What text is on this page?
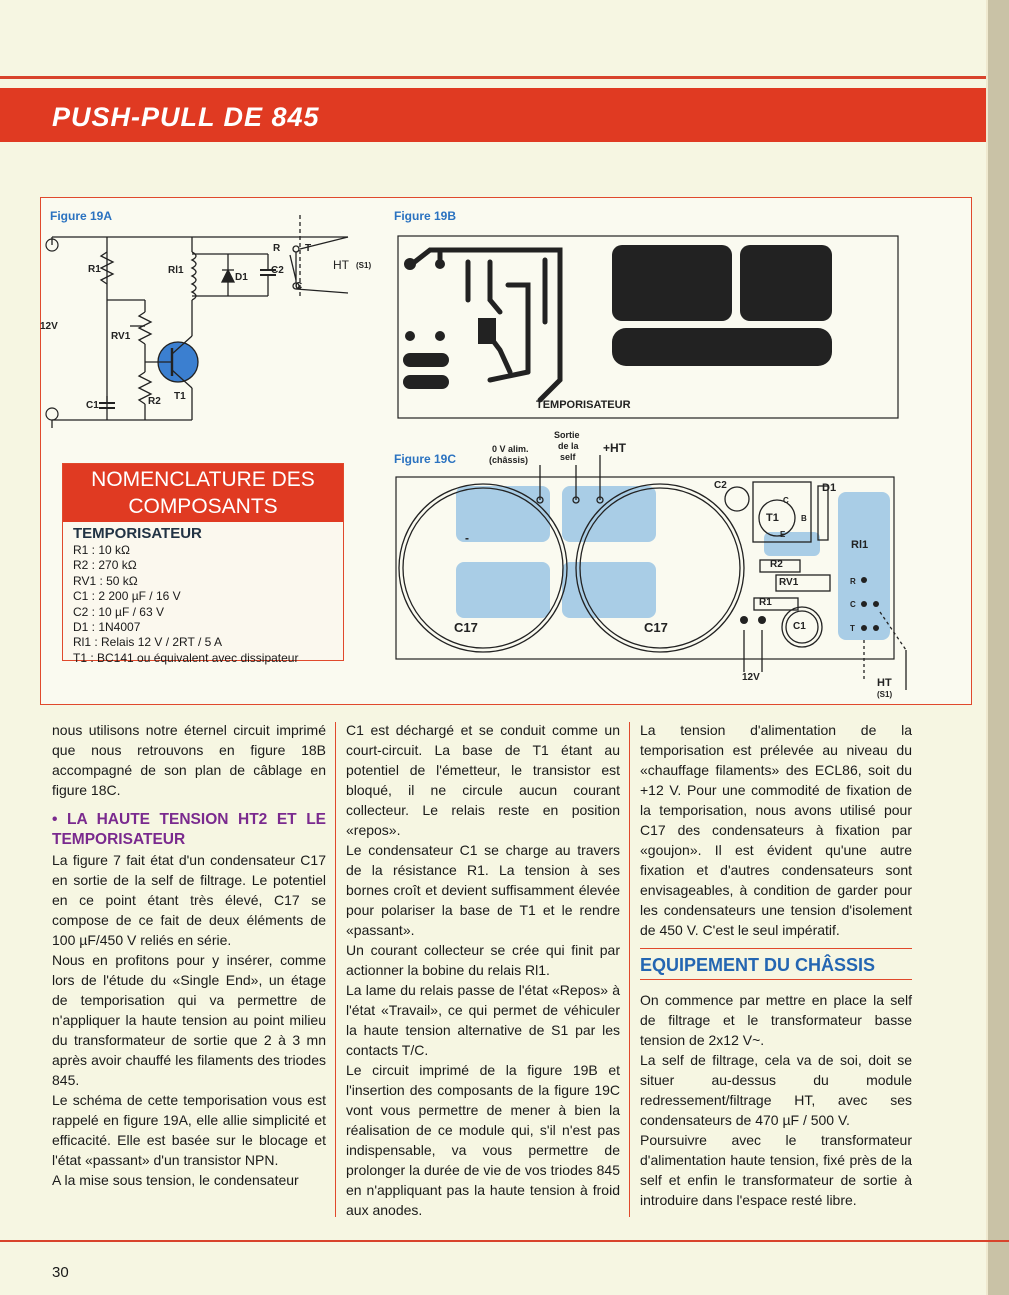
PUSH-PULL DE 845
Figure 19A
R1	Rl1
D1
C2
R T
C
HT (S1)
12V
RV1
C1	R2 T1
Figure 19B
TEMPORISATEUR
Figure 19C
0 V alim.
(châssis)
Sortie
de la
self
+HT
-
C17	C17
C2	D1
T1
C
B
E
Rl1
R2
RV1
R1
C1
R
C
T
12V	HT
(S1)
NOMENCLATURE DES COMPOSANTS
TEMPORISATEUR
R1 : 10 kΩ
R2 : 270 kΩ
RV1 : 50 kΩ
C1 : 2 200 µF / 16 V
C2 : 10 µF / 63 V
D1 : 1N4007
Rl1 : Relais 12 V / 2RT / 5 A
T1 : BC141 ou équivalent avec dissipateur

nous utilisons notre éternel circuit imprimé que nous retrouvons en figure 18B accompagné de son plan de câblage en figure 18C.

• LA HAUTE TENSION HT2 ET LE TEMPORISATEUR

La figure 7 fait état d'un condensateur C17 en sortie de la self de filtrage. Le potentiel en ce point étant très élevé, C17 se compose de ce fait de deux éléments de 100 µF/450 V reliés en série.

Nous en profitons pour y insérer, comme lors de l'étude du «Single End», un étage de temporisation qui va permettre de n'appliquer la haute tension au point milieu du transformateur de sortie que 2 à 3 mn après avoir chauffé les filaments des triodes 845.

Le schéma de cette temporisation vous est rappelé en figure 19A, elle allie simplicité et efficacité. Elle est basée sur le blocage et l'état «passant» d'un transistor NPN.

A la mise sous tension, le condensateur

C1 est déchargé et se conduit comme un court-circuit. La base de T1 étant au potentiel de l'émetteur, le transistor est bloqué, il ne circule aucun courant collecteur. Le relais reste en position «repos».

Le condensateur C1 se charge au travers de la résistance R1. La tension à ses bornes croît et devient suffisamment élevée pour polariser la base de T1 et le rendre «passant».

Un courant collecteur se crée qui finit par actionner la bobine du relais Rl1.

La lame du relais passe de l'état «Repos» à l'état «Travail», ce qui permet de véhiculer la haute tension alternative de S1 par les contacts T/C.

Le circuit imprimé de la figure 19B et l'insertion des composants de la figure 19C vont vous permettre de mener à bien la réalisation de ce module qui, s'il n'est pas indispensable, va vous permettre de prolonger la durée de vie de vos triodes 845 en n'appliquant pas la haute tension à froid aux anodes.

La tension d'alimentation de la temporisation est prélevée au niveau du «chauffage filaments» des ECL86, soit du +12 V. Pour une commodité de fixation de la temporisation, nous avons utilisé pour C17 des condensateurs à fixation par «goujon». Il est évident qu'une autre fixation et d'autres condensateurs sont envisageables, à condition de garder pour les condensateurs une tension d'isolement de 450 V. C'est le seul impératif.

EQUIPEMENT DU CHÂSSIS

On commence par mettre en place la self de filtrage et le transformateur basse tension de 2x12 V~.

La self de filtrage, cela va de soi, doit se situer au-dessus du module redressement/filtrage HT, avec ses condensateurs de 470 µF / 500 V.

Poursuivre avec le transformateur d'alimentation haute tension, fixé près de la self et enfin le transformateur de sortie à introduire dans l'espace resté libre.

30
